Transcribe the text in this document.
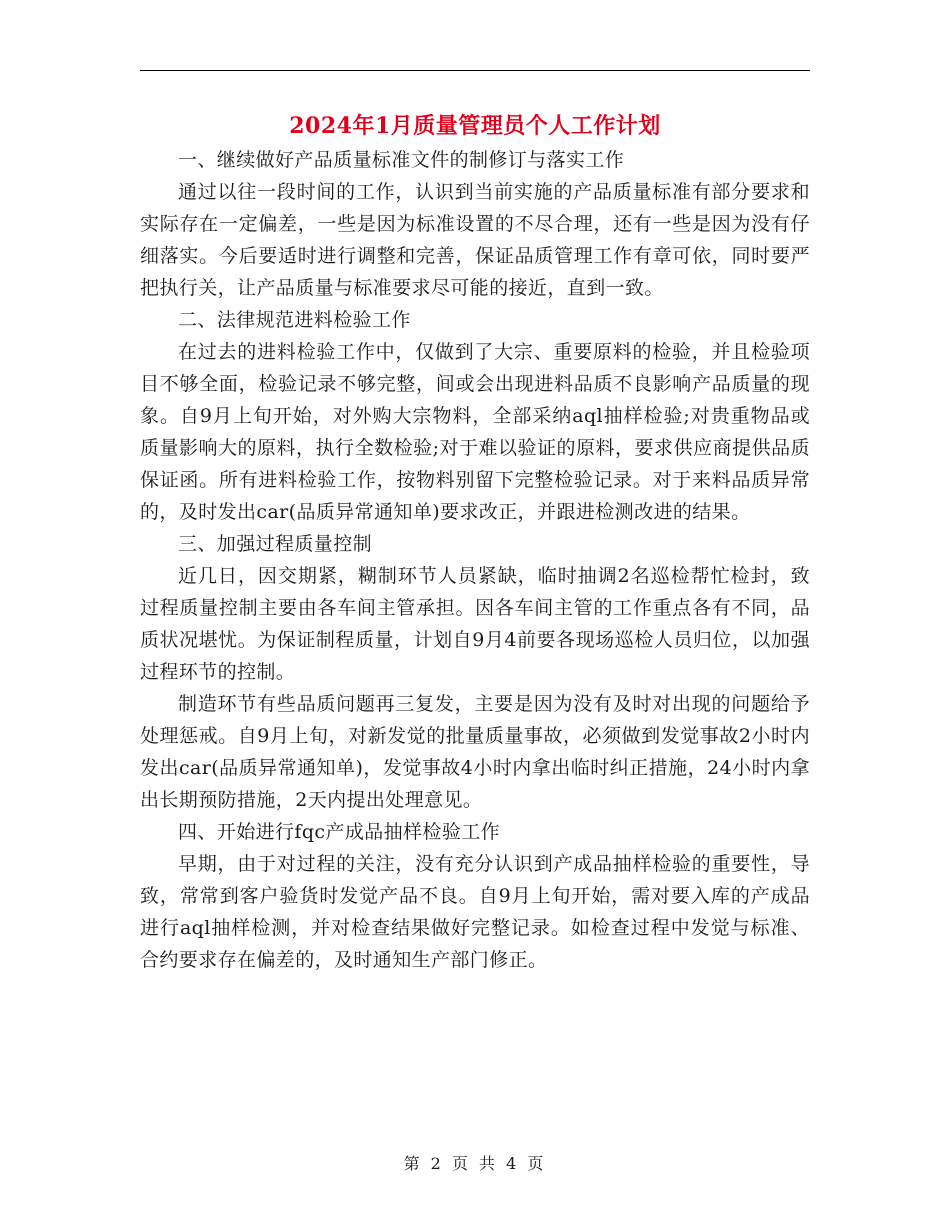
2024年1月质量管理员个人工作计划

一、继续做好产品质量标准文件的制修订与落实工作

通过以往一段时间的工作，认识到当前实施的产品质量标准有部分要求和实际存在一定偏差，一些是因为标准设置的不尽合理，还有一些是因为没有仔细落实。今后要适时进行调整和完善，保证品质管理工作有章可依，同时要严把执行关，让产品质量与标准要求尽可能的接近，直到一致。

二、法律规范进料检验工作

在过去的进料检验工作中，仅做到了大宗、重要原料的检验，并且检验项目不够全面，检验记录不够完整，间或会出现进料品质不良影响产品质量的现象。自9月上旬开始，对外购大宗物料，全部采纳aql抽样检验;对贵重物品或质量影响大的原料，执行全数检验;对于难以验证的原料，要求供应商提供品质保证函。所有进料检验工作，按物料别留下完整检验记录。对于来料品质异常的，及时发出car(品质异常通知单)要求改正，并跟进检测改进的结果。

三、加强过程质量控制

近几日，因交期紧，糊制环节人员紧缺，临时抽调2名巡检帮忙检封，致过程质量控制主要由各车间主管承担。因各车间主管的工作重点各有不同，品质状况堪忧。为保证制程质量，计划自9月4前要各现场巡检人员归位，以加强过程环节的控制。

制造环节有些品质问题再三复发，主要是因为没有及时对出现的问题给予处理惩戒。自9月上旬，对新发觉的批量质量事故，必须做到发觉事故2小时内发出car(品质异常通知单)，发觉事故4小时内拿出临时纠正措施，24小时内拿出长期预防措施，2天内提出处理意见。

四、开始进行fqc产成品抽样检验工作

早期，由于对过程的关注，没有充分认识到产成品抽样检验的重要性，导致，常常到客户验货时发觉产品不良。自9月上旬开始，需对要入库的产成品进行aql抽样检测，并对检查结果做好完整记录。如检查过程中发觉与标准、合约要求存在偏差的，及时通知生产部门修正。

第 2 页 共 4 页
